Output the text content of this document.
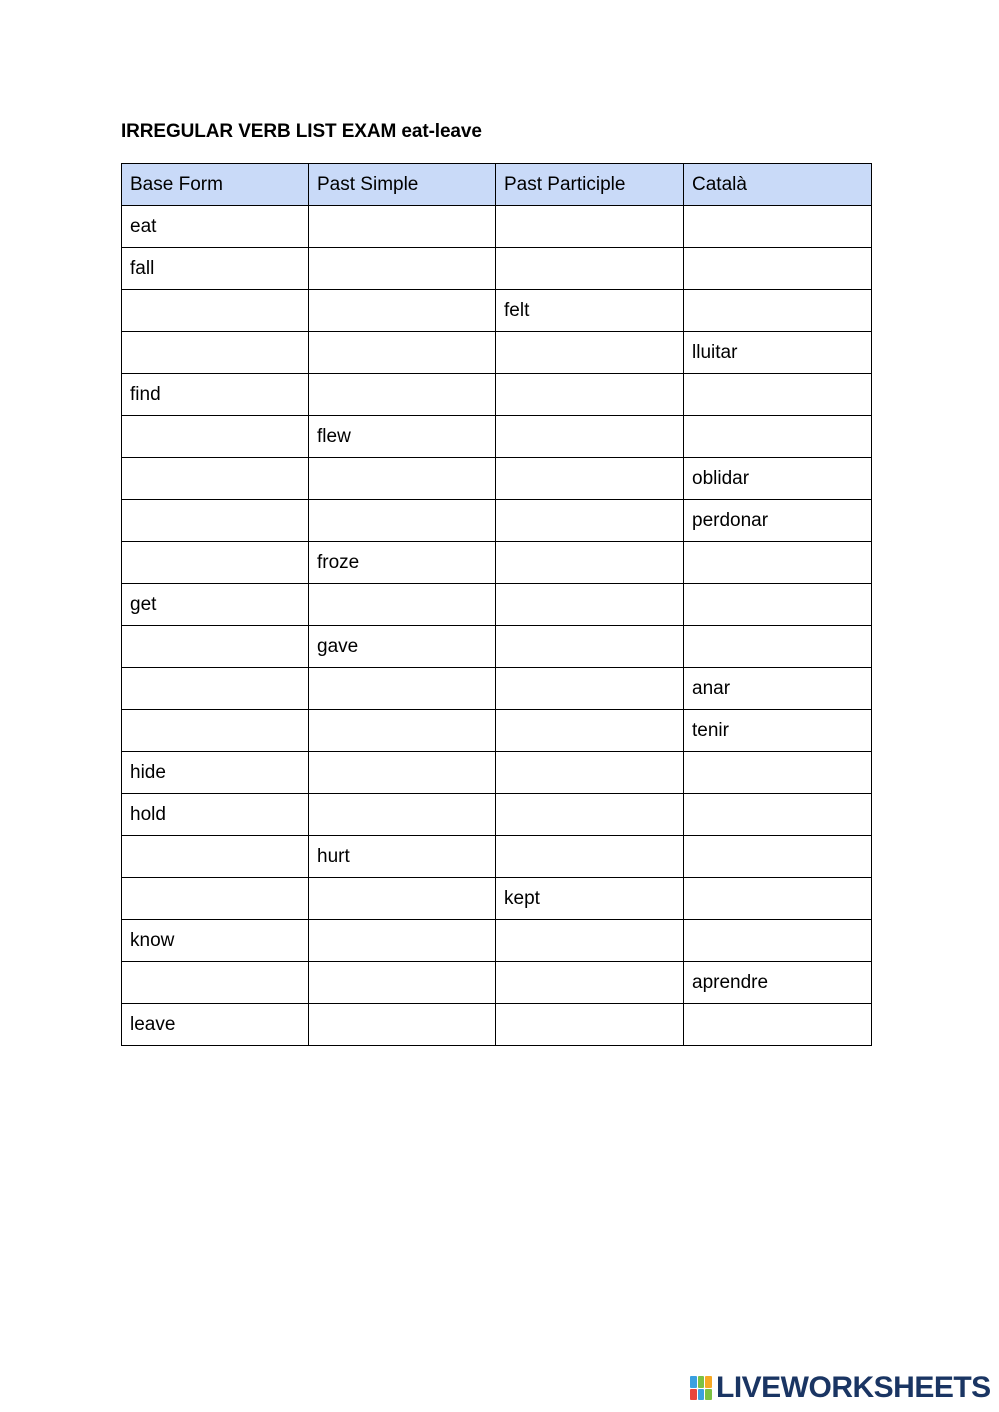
IRREGULAR VERB LIST EXAM eat-leave
Base Form	Past Simple	Past Participle	Català
eat			
fall			
		felt	
			lluitar
find			
	flew		
			oblidar
			perdonar
	froze		
get			
	gave		
			anar
			tenir
hide			
hold			
	hurt		
		kept	
know			
			aprendre
leave			
LIVEWORKSHEETS
